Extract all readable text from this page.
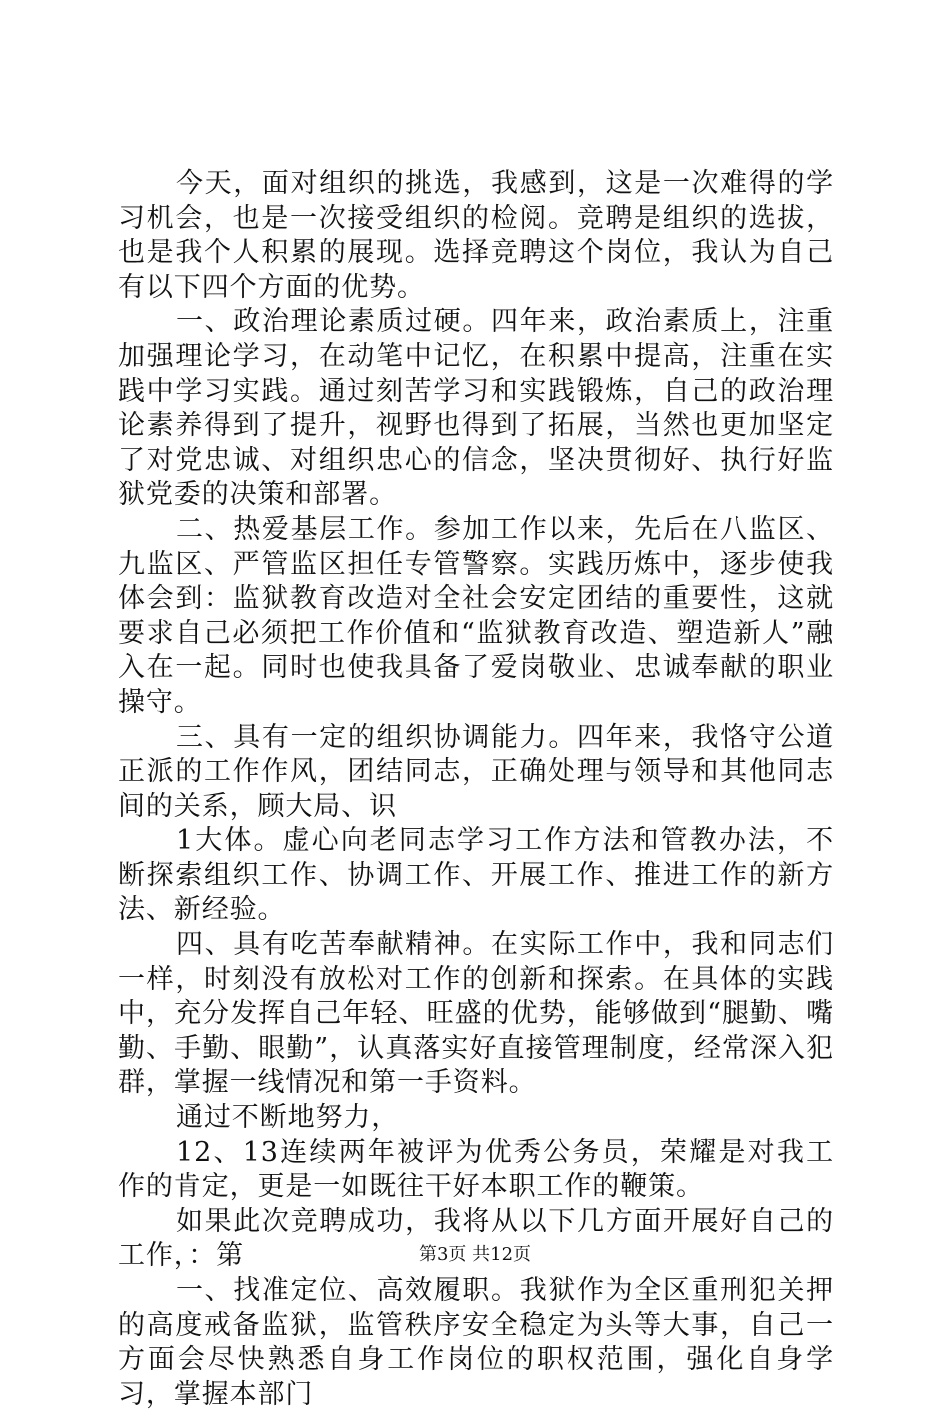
今天，面对组织的挑选，我感到，这是一次难得的学习机会，也是一次接受组织的检阅。竞聘是组织的选拔，也是我个人积累的展现。选择竞聘这个岗位，我认为自己有以下四个方面的优势。

一、政治理论素质过硬。四年来，政治素质上，注重加强理论学习，在动笔中记忆，在积累中提高，注重在实践中学习实践。通过刻苦学习和实践锻炼，自己的政治理论素养得到了提升，视野也得到了拓展，当然也更加坚定了对党忠诚、对组织忠心的信念，坚决贯彻好、执行好监狱党委的决策和部署。

二、热爱基层工作。参加工作以来，先后在八监区、九监区、严管监区担任专管警察。实践历炼中，逐步使我体会到：监狱教育改造对全社会安定团结的重要性，这就要求自己必须把工作价值和“监狱教育改造、塑造新人”融入在一起。同时也使我具备了爱岗敬业、忠诚奉献的职业操守。

三、具有一定的组织协调能力。四年来，我恪守公道正派的工作作风，团结同志，正确处理与领导和其他同志间的关系，顾大局、识

1大体。虚心向老同志学习工作方法和管教办法，不断探索组织工作、协调工作、开展工作、推进工作的新方法、新经验。

四、具有吃苦奉献精神。在实际工作中，我和同志们一样，时刻没有放松对工作的创新和探索。在具体的实践中，充分发挥自己年轻、旺盛的优势，能够做到“腿勤、嘴勤、手勤、眼勤”，认真落实好直接管理制度，经常深入犯群，掌握一线情况和第一手资料。

通过不断地努力，

12、13连续两年被评为优秀公务员，荣耀是对我工作的肯定，更是一如既往干好本职工作的鞭策。

如果此次竞聘成功，我将从以下几方面开展好自己的工作，：第

一、找准定位、高效履职。我狱作为全区重刑犯关押的高度戒备监狱，监管秩序安全稳定为头等大事，自己一方面会尽快熟悉自身工作岗位的职权范围，强化自身学习，掌握本部门

第3页 共12页
